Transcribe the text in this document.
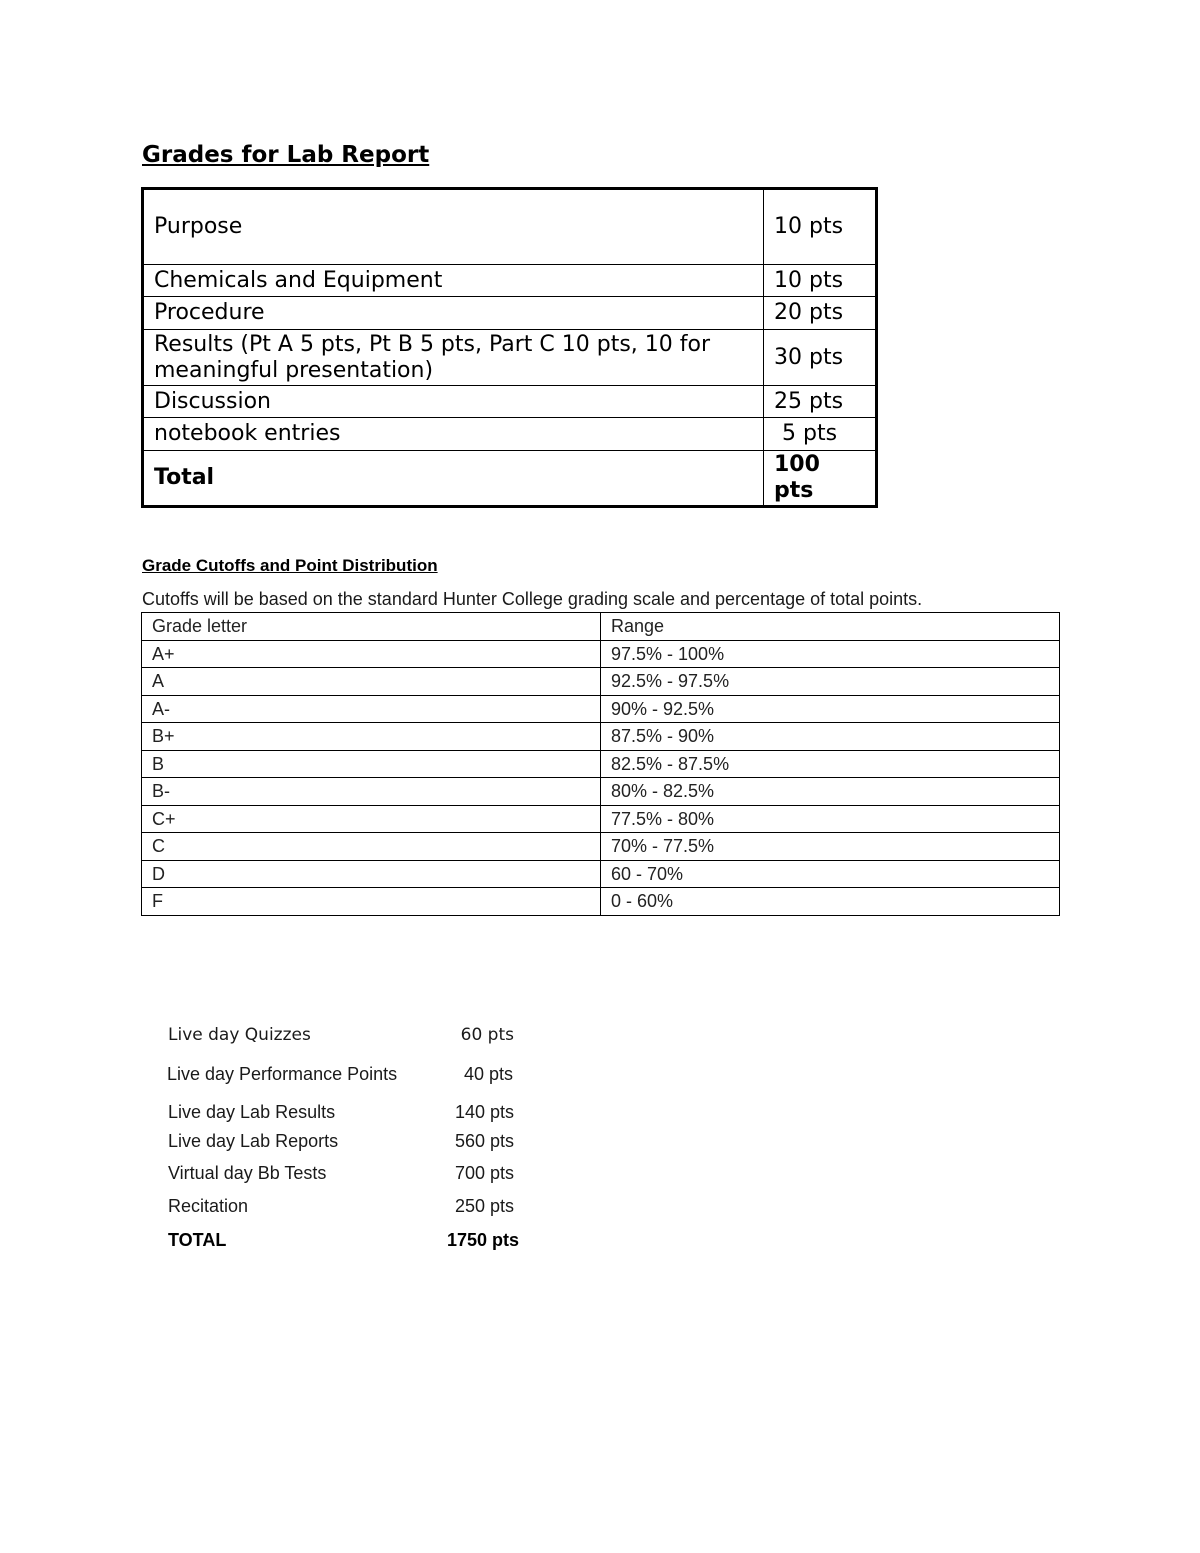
Grades for Lab Report
Purpose	10 pts
Chemicals and Equipment	10 pts
Procedure	20 pts
Results (Pt A 5 pts, Pt B 5 pts, Part C 10 pts, 10 for meaningful presentation)	30 pts
Discussion	25 pts
notebook entries	5 pts
Total	100 pts
Grade Cutoffs and Point Distribution

Cutoffs will be based on the standard Hunter College grading scale and percentage of total points.

Grade letter	Range
A+	97.5% - 100%
A	92.5% - 97.5%
A-	90% - 92.5%
B+	87.5% - 90%
B	82.5% - 87.5%
B-	80% - 82.5%
C+	77.5% - 80%
C	70% - 77.5%
D	60 - 70%
F	0 - 60%
Live day Quizzes	60 pts
Live day Performance Points	40 pts
Live day Lab Results	140 pts
Live day Lab Reports	560 pts
Virtual day Bb Tests	700 pts
Recitation	250 pts
TOTAL	1750 pts
